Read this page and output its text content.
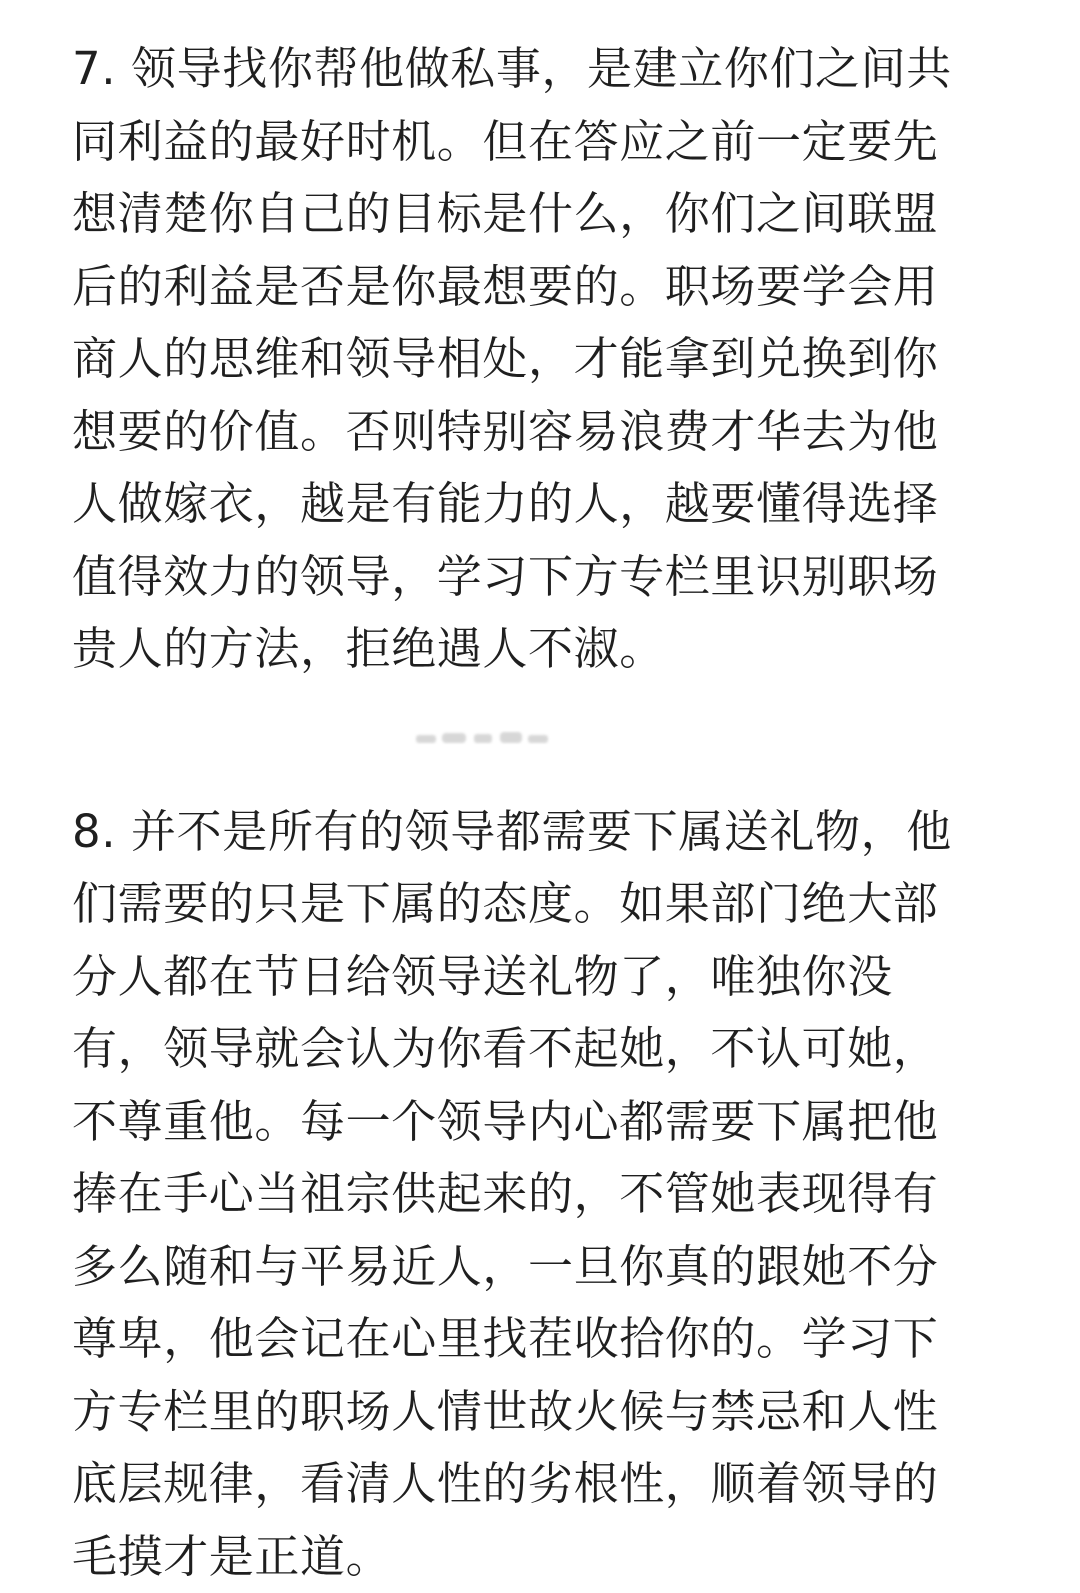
7. 领导找你帮他做私事，是建立你们之间共
同利益的最好时机。但在答应之前一定要先
想清楚你自己的目标是什么，你们之间联盟
后的利益是否是你最想要的。职场要学会用
商人的思维和领导相处，才能拿到兑换到你
想要的价值。否则特别容易浪费才华去为他
人做嫁衣，越是有能力的人，越要懂得选择
值得效力的领导，学习下方专栏里识别职场
贵人的方法，拒绝遇人不淑。

8. 并不是所有的领导都需要下属送礼物，他
们需要的只是下属的态度。如果部门绝大部
分人都在节日给领导送礼物了，唯独你没
有，领导就会认为你看不起她，不认可她，
不尊重他。每一个领导内心都需要下属把他
捧在手心当祖宗供起来的，不管她表现得有
多么随和与平易近人，一旦你真的跟她不分
尊卑，他会记在心里找茬收拾你的。学习下
方专栏里的职场人情世故火候与禁忌和人性
底层规律，看清人性的劣根性，顺着领导的
毛摸才是正道。
